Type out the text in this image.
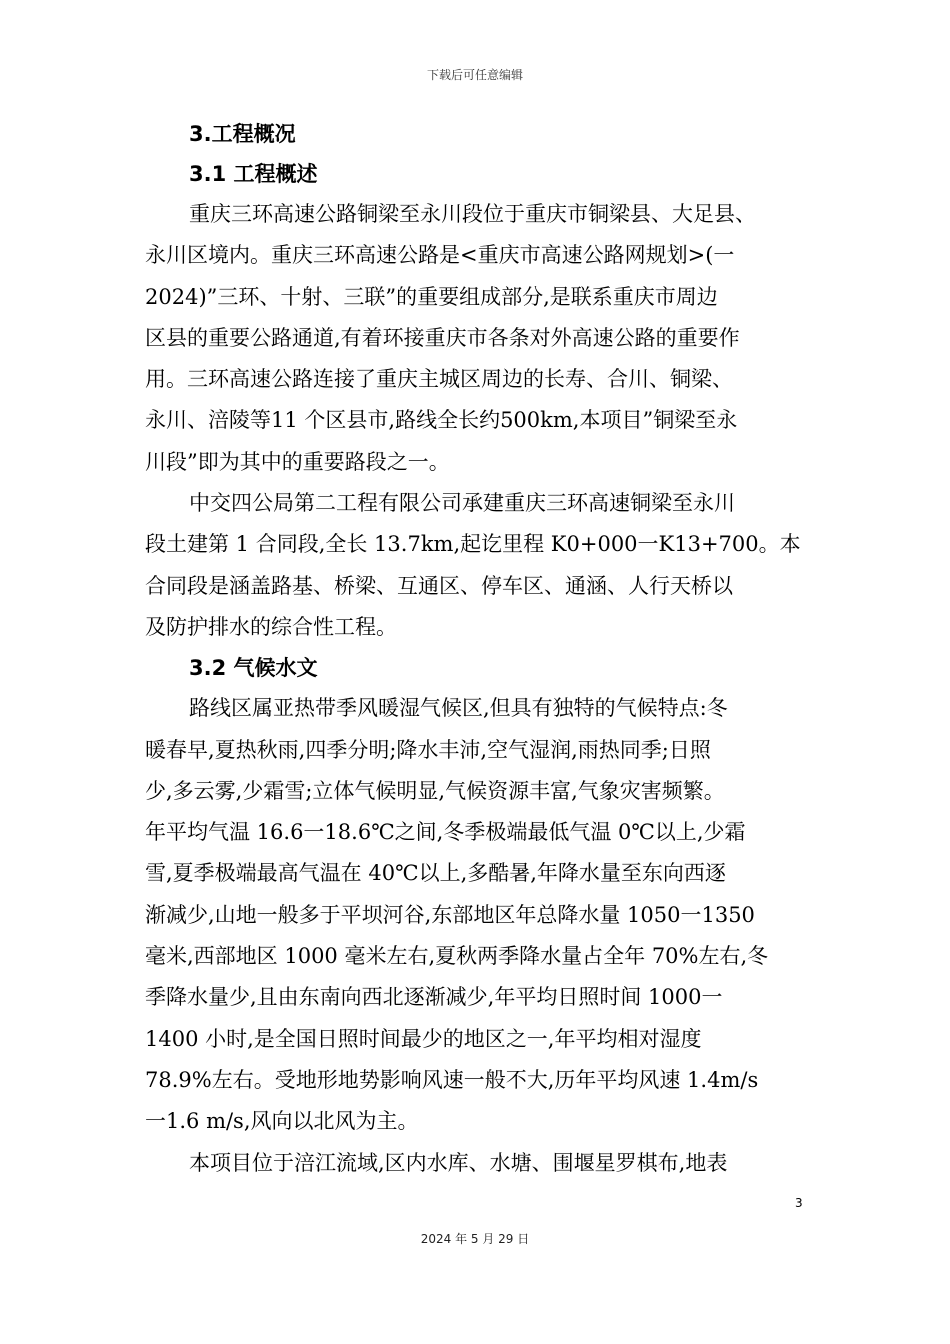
下载后可任意编辑
3.工程概况
3.1 工程概述

重庆三环高速公路铜梁至永川段位于重庆市铜梁县、大足县、
永川区境内。重庆三环高速公路是<重庆市高速公路网规划>(一
2024)”三环、十射、三联”的重要组成部分,是联系重庆市周边
区县的重要公路通道,有着环接重庆市各条对外高速公路的重要作
用。三环高速公路连接了重庆主城区周边的长寿、合川、铜梁、
永川、涪陵等11 个区县市,路线全长约500km,本项目”铜梁至永
川段”即为其中的重要路段之一。

中交四公局第二工程有限公司承建重庆三环高速铜梁至永川
段土建第 1 合同段,全长 13.7km,起讫里程 K0+000一K13+700。本
合同段是涵盖路基、桥梁、互通区、停车区、通涵、人行天桥以
及防护排水的综合性工程。

3.2 气候水文

路线区属亚热带季风暖湿气候区,但具有独特的气候特点:冬
暖春早,夏热秋雨,四季分明;降水丰沛,空气湿润,雨热同季;日照
少,多云雾,少霜雪;立体气候明显,气候资源丰富,气象灾害频繁。
年平均气温 16.6一18.6℃之间,冬季极端最低气温 0℃以上,少霜
雪,夏季极端最高气温在 40℃以上,多酷暑,年降水量至东向西逐
渐减少,山地一般多于平坝河谷,东部地区年总降水量 1050一1350
毫米,西部地区 1000 毫米左右,夏秋两季降水量占全年 70%左右,冬
季降水量少,且由东南向西北逐渐减少,年平均日照时间 1000一
1400 小时,是全国日照时间最少的地区之一,年平均相对湿度
78.9%左右。受地形地势影响风速一般不大,历年平均风速 1.4m/s
一1.6 m/s,风向以北风为主。

本项目位于涪江流域,区内水库、水塘、围堰星罗棋布,地表

3
2024 年 5 月 29 日
